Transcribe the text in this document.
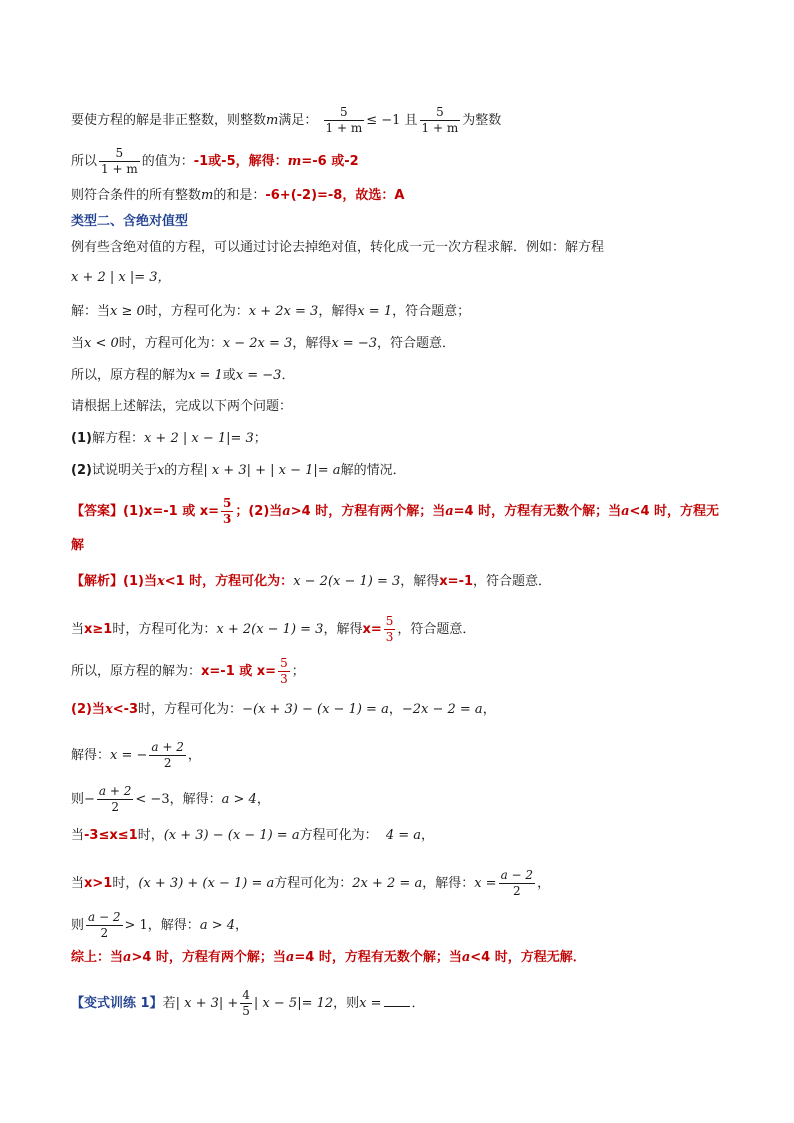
要使方程的解是非正整数，则整数m满足： $\frac{5}{1 + m} \le -1$ 且 $\frac{5}{1 + m}$ 为整数
所以 $\frac{5}{1 + m}$ 的值为：-1或-5，解得：m=-6 或-2
则符合条件的所有整数m的和是：-6+(-2)=-8，故选：A
类型二、含绝对值型
例有些含绝对值的方程，可以通过讨论去掉绝对值，转化成一元一次方程求解．例如：解方程
x + 2 | x |= 3，
解：当x ≥ 0时，方程可化为：x + 2x = 3，解得x = 1，符合题意；
当x < 0时，方程可化为：x − 2x = 3，解得x = −3，符合题意．
所以，原方程的解为x = 1或x = −3．
请根据上述解法，完成以下两个问题：
(1)解方程：x + 2 | x − 1|= 3；
(2)试说明关于x的方程| x + 3| + | x − 1|= a解的情况．
【答案】(1)x=-1 或 $x= \frac{5}{3}$ ；(2)当a>4 时，方程有两个解；当a=4 时，方程有无数个解；当a<4 时，方程无
解
【解析】(1)当x<1 时，方程可化为：x − 2(x − 1) = 3，解得x=-1，符合题意．
当x≥1时，方程可化为：x + 2(x − 1) = 3，解得$x= \frac{5}{3}$ ，符合题意．
所以，原方程的解为：x=-1 或 $x= \frac{5}{3}$ ；
(2)当x<-3时，方程可化为：−(x + 3) − (x − 1) = a，−2x − 2 = a，
解得：x = − $\frac{a + 2}{2}$ ，
则− $\frac{a + 2}{2} < -3$，解得：a > 4，
当-3≤x≤1时，(x + 3) − (x − 1) = a方程可化为： 4 = a，
当x>1时，(x + 3) + (x − 1) = a方程可化为：2x + 2 = a，解得：$x = \frac{a - 2}{2}$ ，
则 $\frac{a - 2}{2} > 1$，解得：a > 4，
综上：当a>4 时，方程有两个解；当a=4 时，方程有无数个解；当a<4 时，方程无解．
【变式训练 1】若| $x + 3| + \frac{4}{5}$ | x − 5|= 12，则x = ．
